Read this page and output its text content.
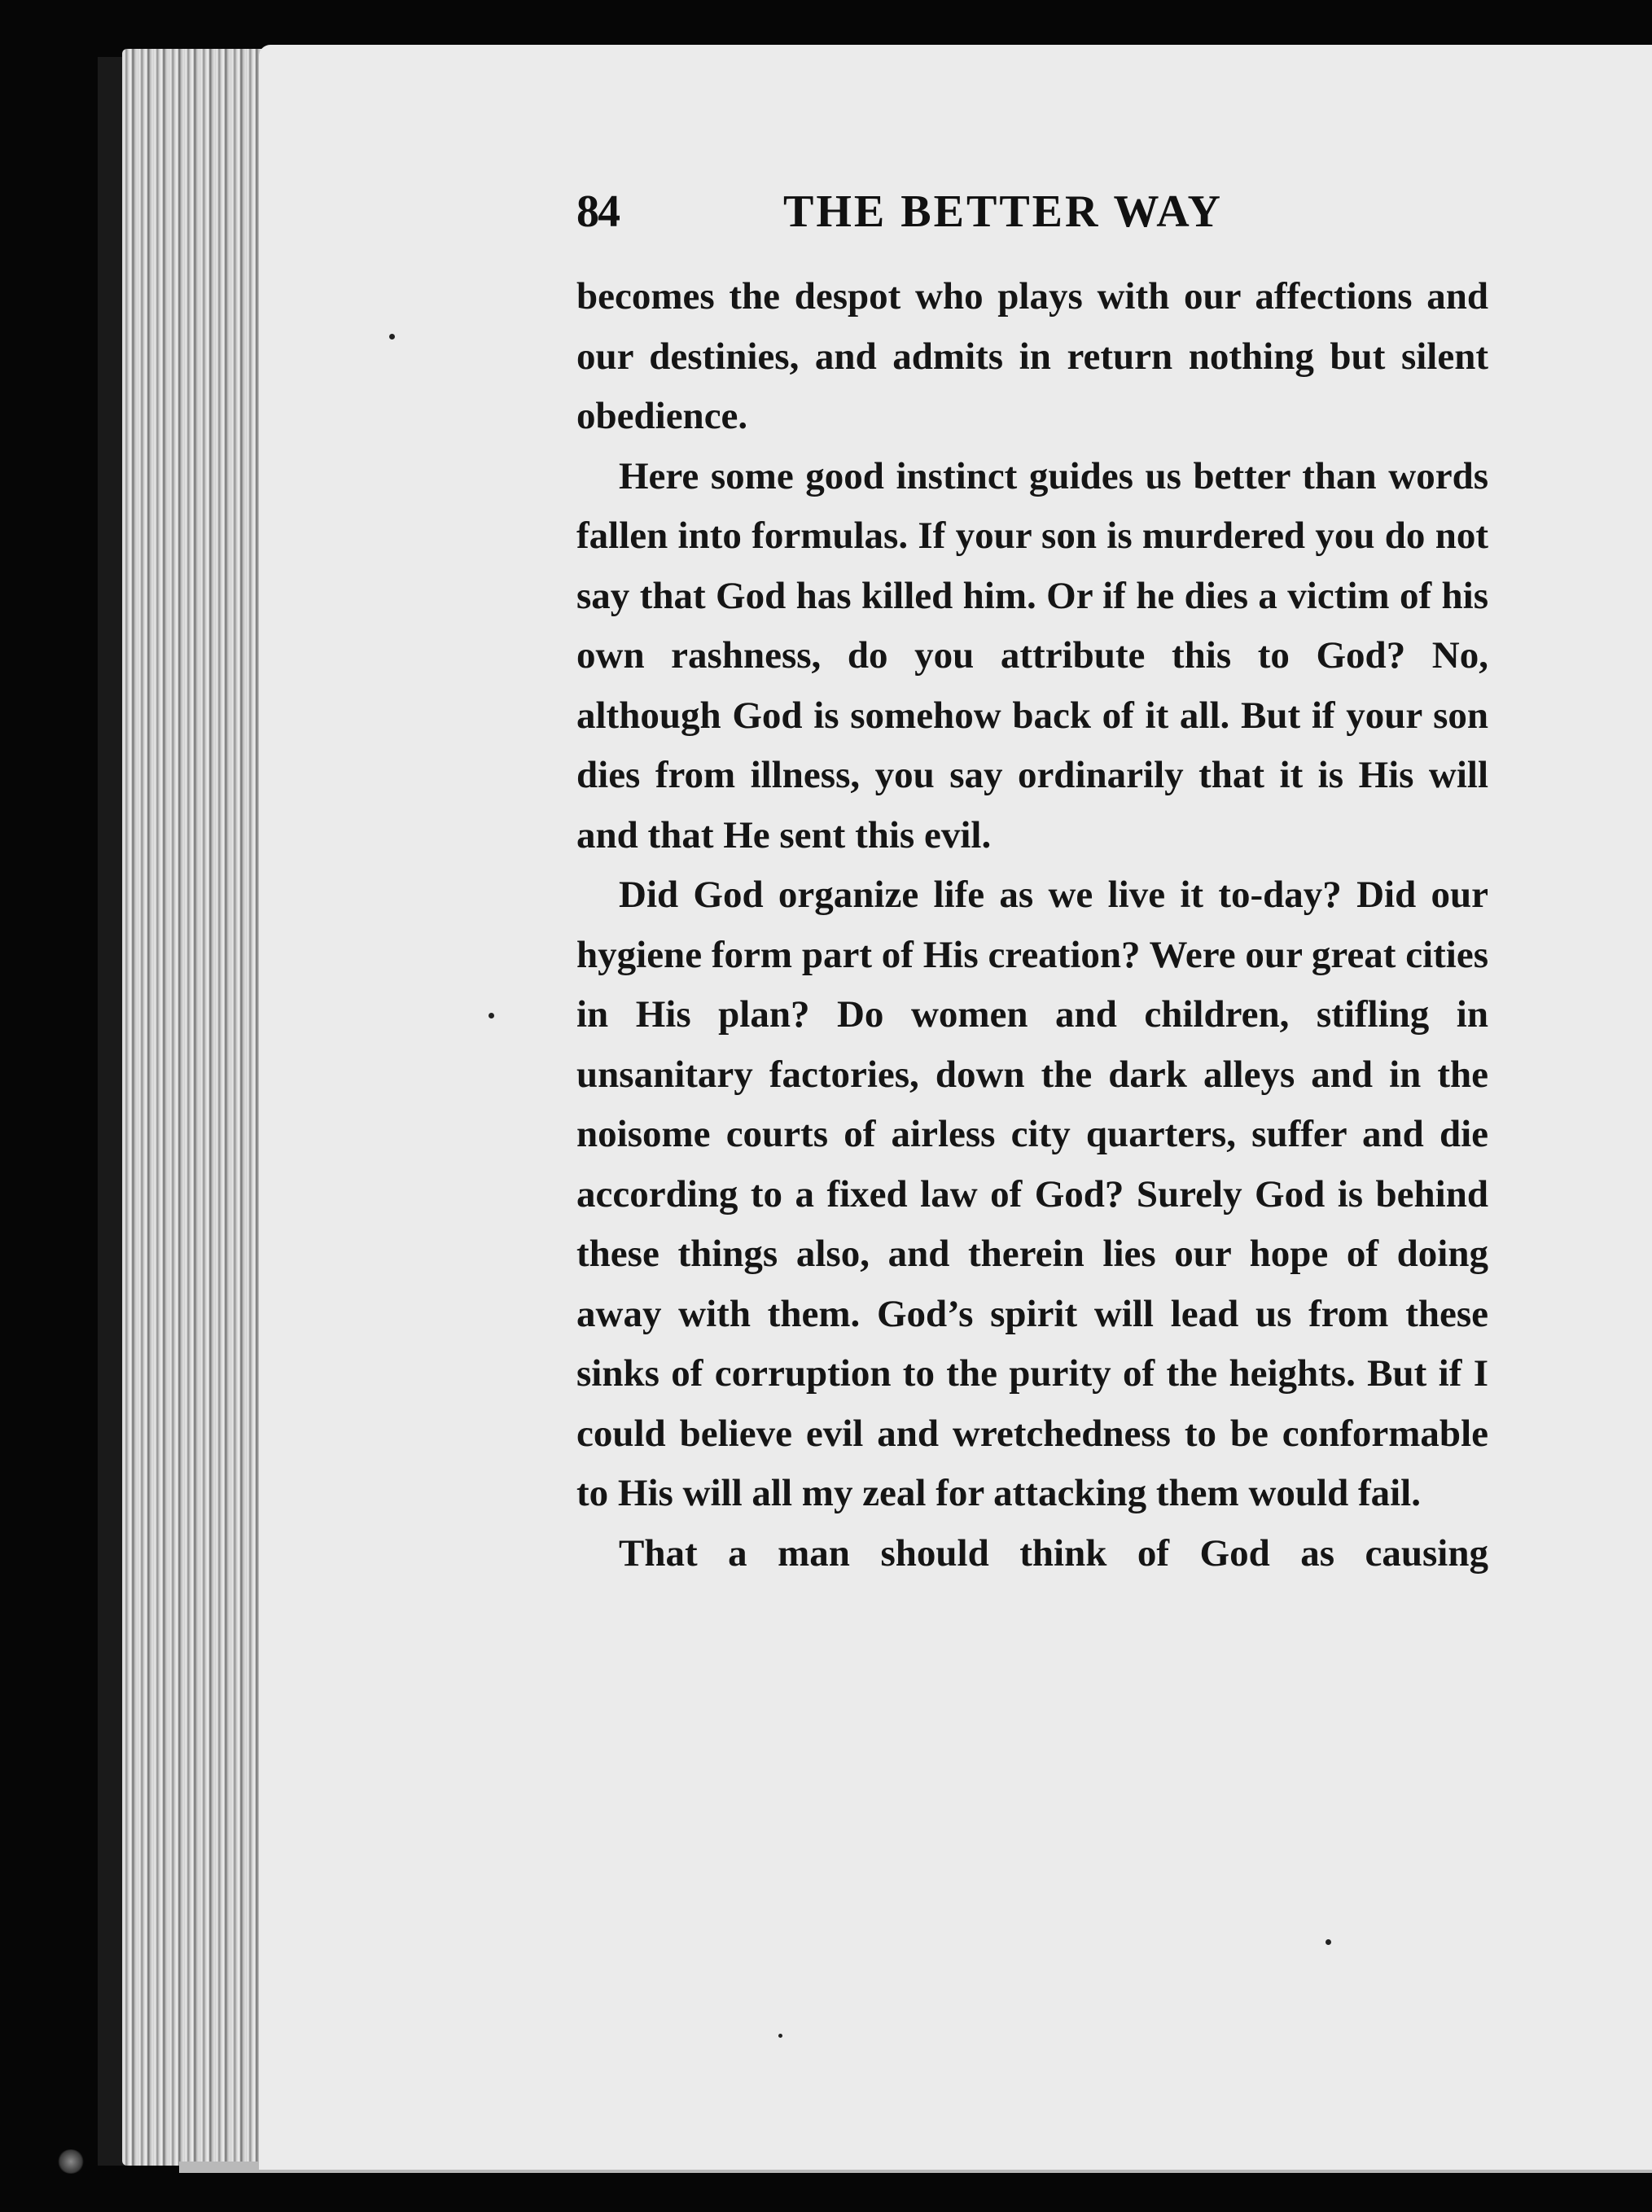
84	THE BETTER WAY

becomes the despot who plays with our affections and our destinies, and admits in return nothing but silent obedience.

Here some good instinct guides us better than words fallen into formulas. If your son is murdered you do not say that God has killed him. Or if he dies a victim of his own rashness, do you attribute this to God? No, although God is somehow back of it all. But if your son dies from illness, you say ordinarily that it is His will and that He sent this evil.

Did God organize life as we live it to-day? Did our hygiene form part of His creation? Were our great cities in His plan? Do women and children, stifling in unsanitary factories, down the dark alleys and in the noisome courts of airless city quarters, suffer and die according to a fixed law of God? Surely God is behind these things also, and therein lies our hope of doing away with them. God’s spirit will lead us from these sinks of corruption to the purity of the heights. But if I could believe evil and wretchedness to be conformable to His will all my zeal for attacking them would fail.

That a man should think of God as causing
